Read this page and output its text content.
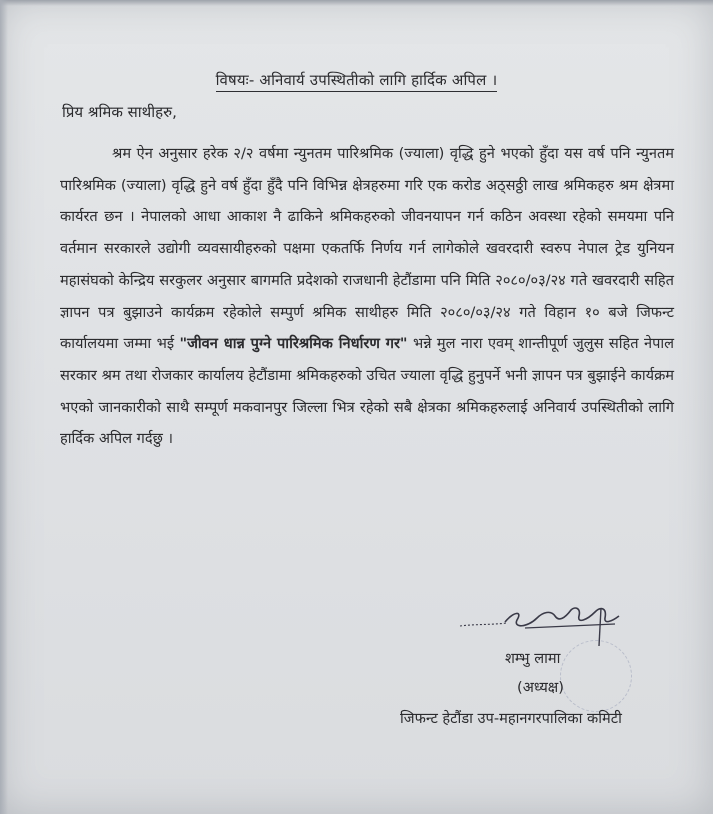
विषयः- अनिवार्य उपस्थितीको लागि हार्दिक अपिल ।
प्रिय श्रमिक साथीहरु,

श्रम ऐन अनुसार हरेक २/२ वर्षमा न्युनतम पारिश्रमिक (ज्याला) वृद्धि हुने भएको हुँदा यस वर्ष पनि न्युनतम पारिश्रमिक (ज्याला) वृद्धि हुने वर्ष हुँदा हुँदै पनि विभिन्न क्षेत्रहरुमा गरि एक करोड अठ्सठ्ठी लाख श्रमिकहरु श्रम क्षेत्रमा कार्यरत छन । नेपालको आधा आकाश नै ढाकिने श्रमिकहरुको जीवनयापन गर्न कठिन अवस्था रहेको समयमा पनि वर्तमान सरकारले उद्योगी व्यवसायीहरुको पक्षमा एकतर्फि निर्णय गर्न लागेकोले खवरदारी स्वरुप नेपाल ट्रेड युनियन महासंघको केन्द्रिय सरकुलर अनुसार बागमति प्रदेशको राजधानी हेटौंडामा पनि मिति २०८०/०३/२४ गते खवरदारी सहित ज्ञापन पत्र बुझाउने कार्यक्रम रहेकोले सम्पुर्ण श्रमिक साथीहरु मिति २०८०/०३/२४ गते विहान १० बजे जिफन्ट कार्यालयमा जम्मा भई "जीवन धान्न पुग्ने पारिश्रमिक निर्धारण गर" भन्ने मुल नारा एवम् शान्तीपूर्ण जुलुस सहित नेपाल सरकार श्रम तथा रोजकार कार्यालय हेटौंडामा श्रमिकहरुको उचित ज्याला वृद्धि हुनुपर्ने भनी ज्ञापन पत्र बुझाईने कार्यक्रम भएको जानकारीको साथै सम्पूर्ण मकवानपुर जिल्ला भित्र रहेको सबै क्षेत्रका श्रमिकहरुलाई अनिवार्य उपस्थितीको लागि हार्दिक अपिल गर्दछु ।

शम्भु लामा
(अध्यक्ष)
जिफन्ट हेटौंडा उप-महानगरपालिका कमिटी
